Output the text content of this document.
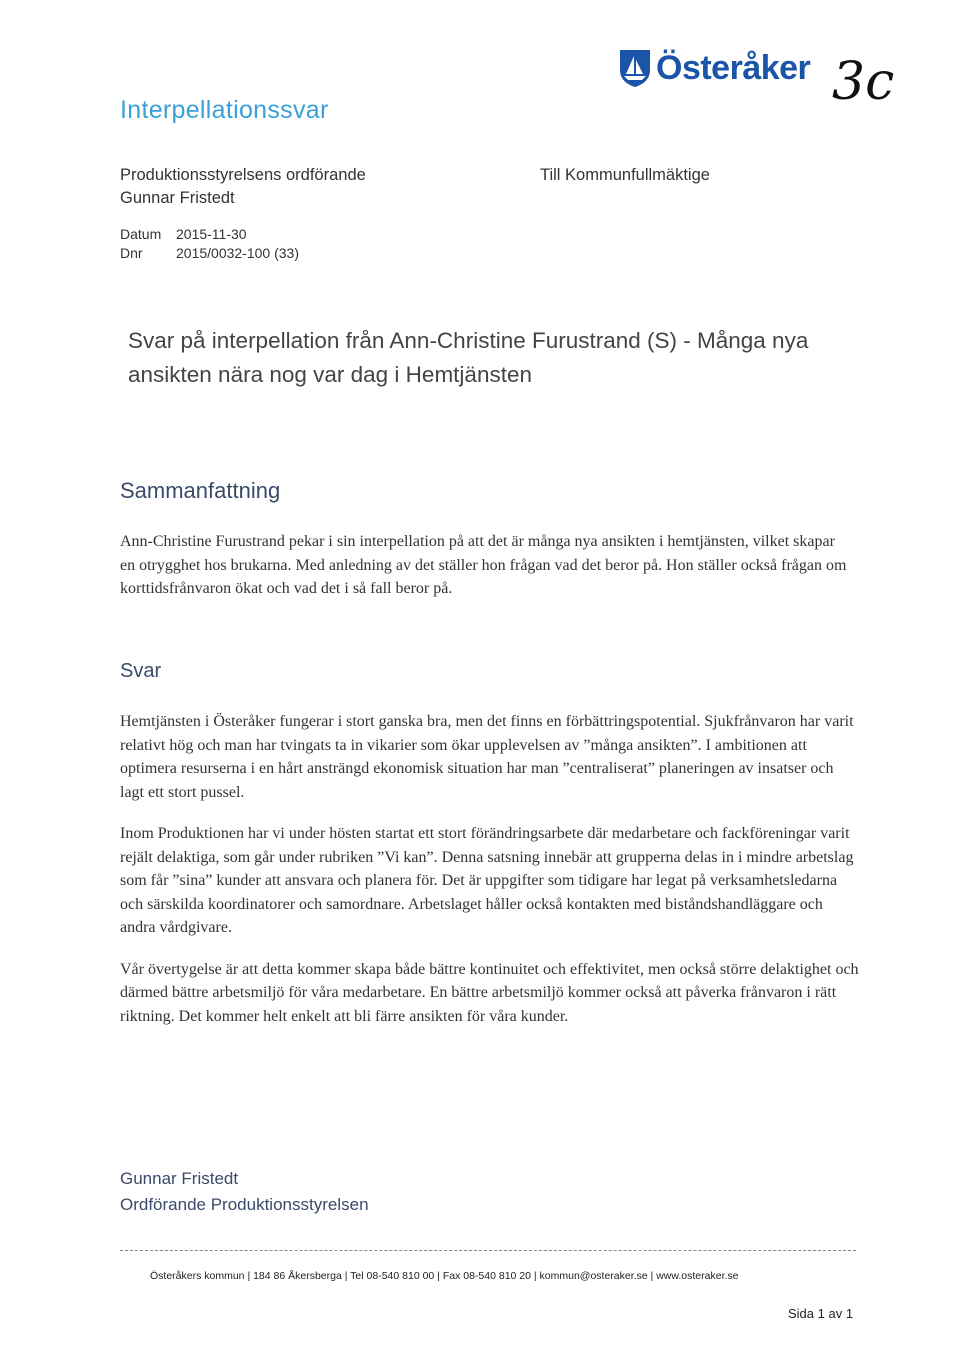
Interpellationssvar
Österåker 3c
Produktionsstyrelsens ordförande
Gunnar Fristedt
Till Kommunfullmäktige
Datum 2015-11-30
Dnr 2015/0032-100 (33)
Svar på interpellation från Ann-Christine Furustrand (S) - Många nya ansikten nära nog var dag i Hemtjänsten
Sammanfattning
Ann-Christine Furustrand pekar i sin interpellation på att det är många nya ansikten i hemtjänsten, vilket skapar en otrygghet hos brukarna. Med anledning av det ställer hon frågan vad det beror på. Hon ställer också frågan om korttidsfrånvaron ökat och vad det i så fall beror på.
Svar

Hemtjänsten i Österåker fungerar i stort ganska bra, men det finns en förbättringspotential. Sjukfrånvaron har varit relativt hög och man har tvingats ta in vikarier som ökar upplevelsen av ”många ansikten”. I ambitionen att optimera resurserna i en hårt ansträngd ekonomisk situation har man ”centraliserat” planeringen av insatser och lagt ett stort pussel.

Inom Produktionen har vi under hösten startat ett stort förändringsarbete där medarbetare och fackföreningar varit rejält delaktiga, som går under rubriken ”Vi kan”. Denna satsning innebär att grupperna delas in i mindre arbetslag som får ”sina” kunder att ansvara och planera för. Det är uppgifter som tidigare har legat på verksamhetsledarna och särskilda koordinatorer och samordnare. Arbetslaget håller också kontakten med biståndshandläggare och andra vårdgivare.

Vår övertygelse är att detta kommer skapa både bättre kontinuitet och effektivitet, men också större delaktighet och därmed bättre arbetsmiljö för våra medarbetare. En bättre arbetsmiljö kommer också att påverka frånvaron i rätt riktning. Det kommer helt enkelt att bli färre ansikten för våra kunder.

Gunnar Fristedt
Ordförande Produktionsstyrelsen
Österåkers kommun | 184 86 Åkersberga | Tel 08-540 810 00 | Fax 08-540 810 20 | kommun@osteraker.se | www.osteraker.se
Sida 1 av 1
